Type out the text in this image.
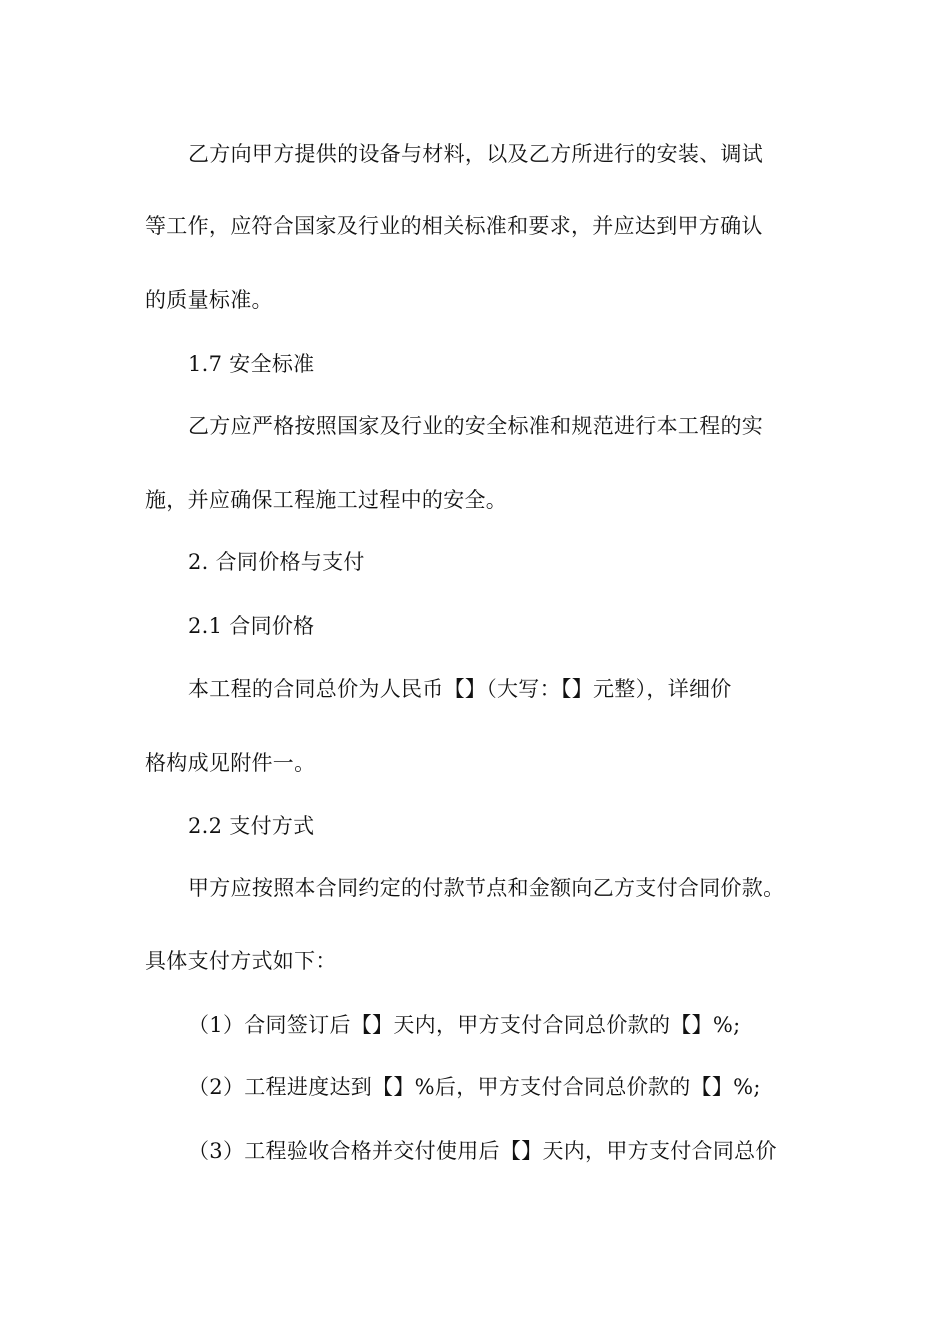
乙方向甲方提供的设备与材料，以及乙方所进行的安装、调试
等工作，应符合国家及行业的相关标准和要求，并应达到甲方确认
的质量标准。
1.7 安全标准
乙方应严格按照国家及行业的安全标准和规范进行本工程的实
施，并应确保工程施工过程中的安全。
2. 合同价格与支付
2.1 合同价格
本工程的合同总价为人民币【】（大写：【】元整），详细价
格构成见附件一。
2.2 支付方式
甲方应按照本合同约定的付款节点和金额向乙方支付合同价款。
具体支付方式如下：
（1）合同签订后【】天内，甲方支付合同总价款的【】%;
（2）工程进度达到【】%后，甲方支付合同总价款的【】%;
（3）工程验收合格并交付使用后【】天内，甲方支付合同总价
